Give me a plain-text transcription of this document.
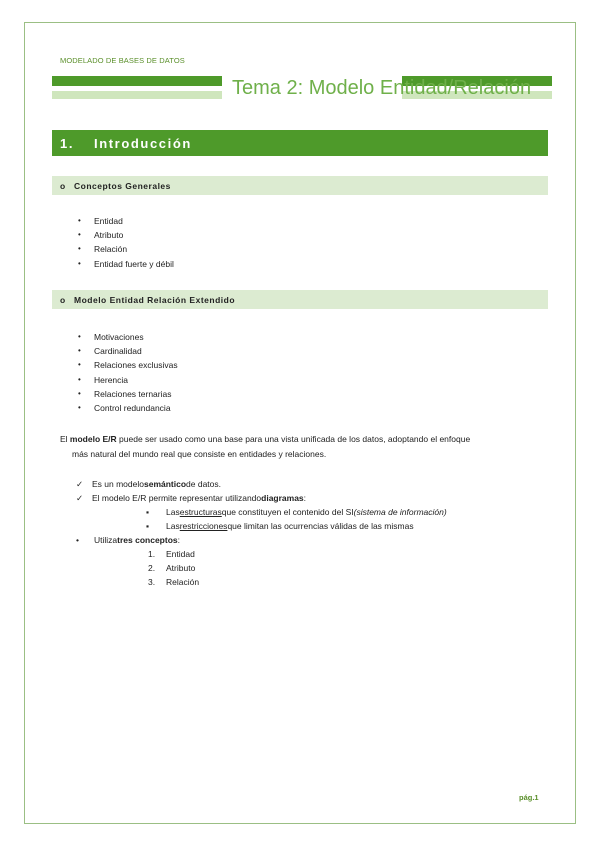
MODELADO DE BASES DE DATOS
Tema 2: Modelo Entidad/Relación
1.	Introducción
o Conceptos Generales
•	Entidad
•	Atributo
•	Relación
•	Entidad fuerte y débil
o Modelo Entidad Relación Extendido
•	Motivaciones
•	Cardinalidad
•	Relaciones exclusivas
•	Herencia
•	Relaciones ternarias
•	Control redundancia
El modelo E/R puede ser usado como una base para una vista unificada de los datos, adoptando el enfoque
más natural del mundo real que consiste en entidades y relaciones.
✓	Es un modelo semántico de datos.
✓	El modelo E/R permite representar utilizando diagramas :
▪	Las estructuras que constituyen el contenido del SI (sistema de información)
▪	Las restricciones que limitan las ocurrencias válidas de las mismas
•	Utiliza tres conceptos :
1.	Entidad
2.	Atributo
3.	Relación
pág.1
